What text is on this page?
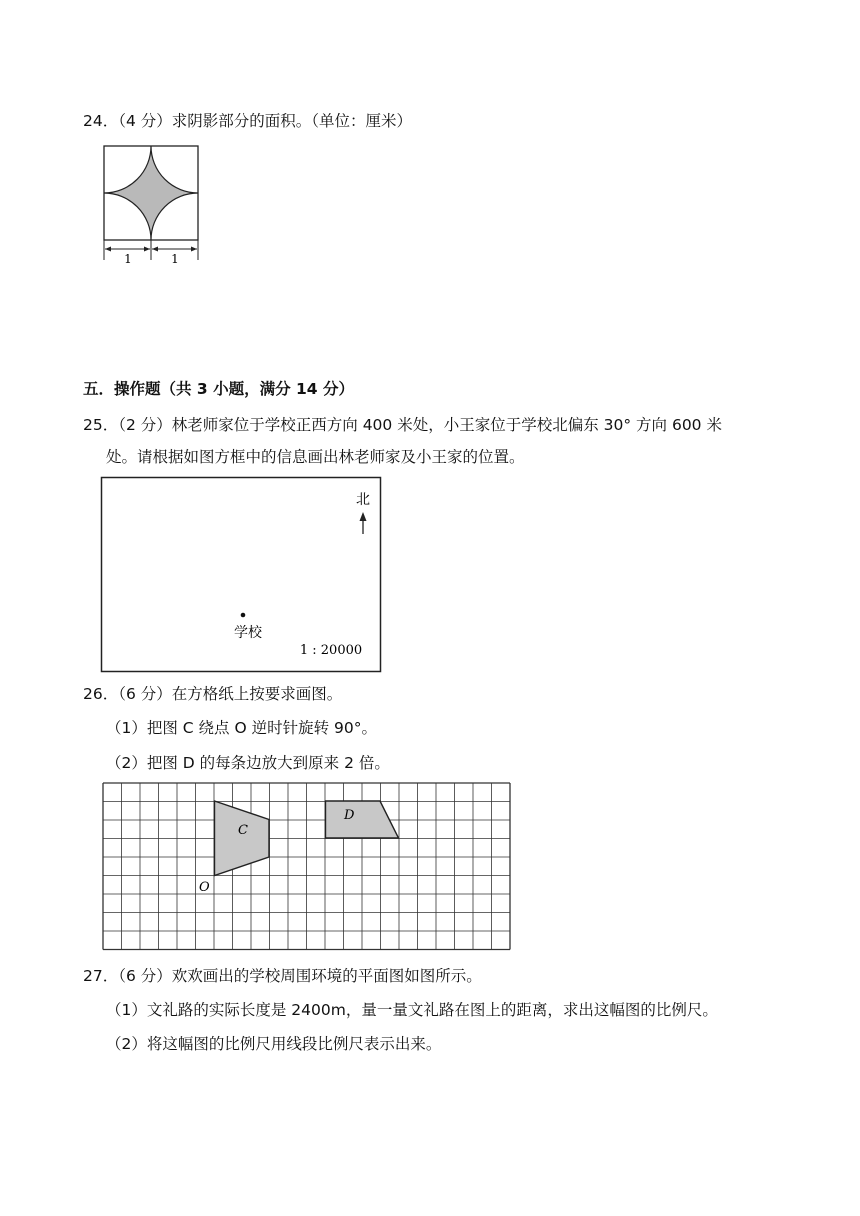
24．（4 分）求阴影部分的面积。（单位：厘米）
1	1
五．操作题（共 3 小题，满分 14 分）
25．（2 分）林老师家位于学校正西方向 400 米处，小王家位于学校北偏东 30° 方向 600 米
处。请根据如图方框中的信息画出林老师家及小王家的位置。
北
学校
1 : 20000
26．（6 分）在方格纸上按要求画图。
（1）把图 C 绕点 O 逆时针旋转 90°。
（2）把图 D 的每条边放大到原来 2 倍。
C
D
O
27．（6 分）欢欢画出的学校周围环境的平面图如图所示。
（1）文礼路的实际长度是 2400m，量一量文礼路在图上的距离，求出这幅图的比例尺。
（2）将这幅图的比例尺用线段比例尺表示出来。
